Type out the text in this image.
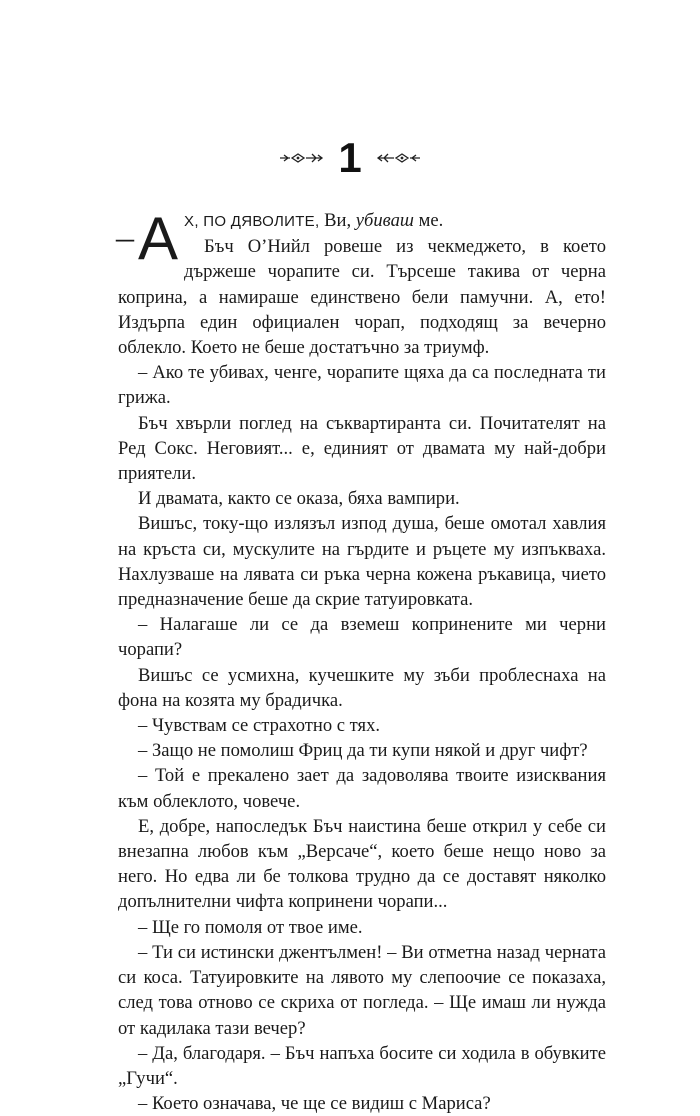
1

– А Х, ПО ДЯВОЛИТЕ, Ви, убиваш ме.

Бъч О’Нийл ровеше из чекмеджето, в което държеше чорапите си. Търсеше такива от черна коприна, а намираше единствено бели памучни. А, ето! Издърпа един официален чорап, подходящ за вечерно облекло. Което не беше достатъчно за триумф.

– Ако те убивах, ченге, чорапите щяха да са последната ти грижа.

Бъч хвърли поглед на съквартиранта си. Почитателят на Ред Сокс. Неговият... е, единият от двамата му най-добри приятели.

И двамата, както се оказа, бяха вампири.

Вишъс, току-що излязъл изпод душа, беше омотал хавлия на кръста си, мускулите на гърдите и ръцете му изпъкваха. Нахлузваше на лявата си ръка черна кожена ръкавица, чието предназначение беше да скрие татуировката.

– Налагаше ли се да вземеш копринените ми черни чорапи?

Вишъс се усмихна, кучешките му зъби проблеснаха на фона на козята му брадичка.

– Чувствам се страхотно с тях.

– Защо не помолиш Фриц да ти купи някой и друг чифт?

– Той е прекалено зает да задоволява твоите изисквания към облеклото, човече.

Е, добре, напоследък Бъч наистина беше открил у себе си внезапна любов към „Версаче“, което беше нещо ново за него. Но едва ли бе толкова трудно да се доставят няколко допълнителни чифта копринени чорапи...

– Ще го помоля от твое име.

– Ти си истински джентълмен! – Ви отметна назад черната си коса. Татуировките на лявото му слепоочие се показаха, след това отново се скриха от погледа. – Ще имаш ли нужда от кадилака тази вечер?

– Да, благодаря. – Бъч напъха босите си ходила в обувките „Гучи“.

– Което означава, че ще се видиш с Мариса?
